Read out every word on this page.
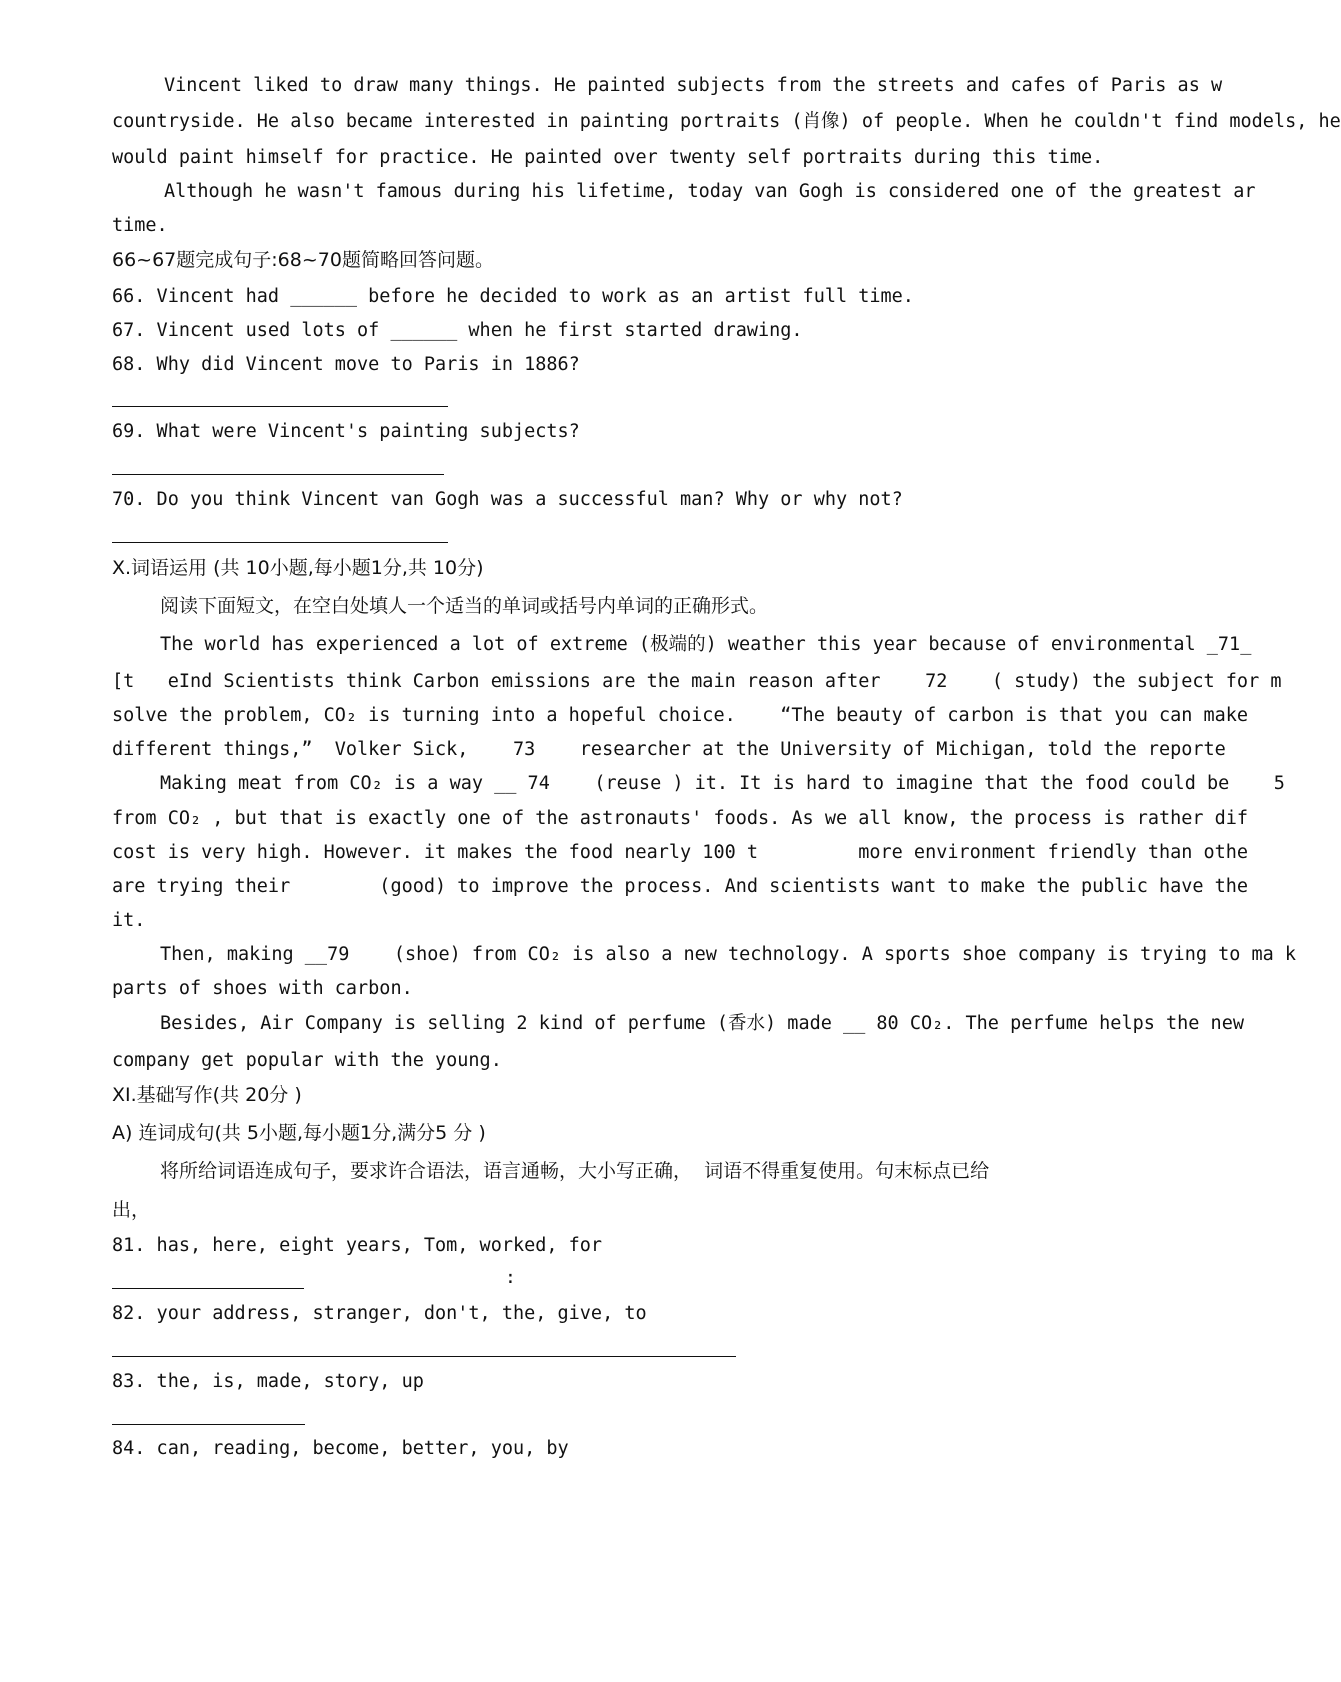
Vincent liked to draw many things. He painted subjects from the streets and cafes of Paris as w
countryside. He also became interested in painting portraits (肖像) of people. When he couldn't find models, he
would paint himself for practice. He painted over twenty self portraits during this time.
Although he wasn't famous during his lifetime, today van Gogh is considered one of the greatest ar
time.
66~67题完成句子:68~70题简略回答问题。
66. Vincent had ______ before he decided to work as an artist full time.
67. Vincent used lots of ______ when he first started drawing.
68. Why did Vincent move to Paris in 1886?
69. What were Vincent's painting subjects?
70. Do you think Vincent van Gogh was a successful man? Why or why not?
X.词语运用 (共 10小题,每小题1分,共 10分)
阅读下面短文，在空白处填人一个适当的单词或括号内单词的正确形式。
The world has experienced a lot of extreme (极端的) weather this year because of environmental _71_
[t   eInd Scientists think Carbon emissions are the main reason after    72    ( study) the subject for m
solve the problem, CO₂ is turning into a hopeful choice.    “The beauty of carbon is that you can make
different things,”  Volker Sick,    73    researcher at the University of Michigan, told the reporte
Making meat from CO₂ is a way __ 74    (reuse ) it. It is hard to imagine that the food could be    5
from CO₂ , but that is exactly one of the astronauts' foods. As we all know, the process is rather dif
cost is very high. However. it makes the food nearly 100 t         more environment friendly than othe
are trying their        (good) to improve the process. And scientists want to make the public have the
it.
Then, making __79    (shoe) from CO₂ is also a new technology. A sports shoe company is trying to ma k
parts of shoes with carbon.
Besides, Air Company is selling 2 kind of perfume (香水) made __ 80 CO₂. The perfume helps the new
company get popular with the young.
XI.基础写作(共 20分 )
A) 连词成句(共 5小题,每小题1分,满分5 分 )
将所给词语连成句子，要求许合语法，语言通畅，大小写正确，  词语不得重复使用。句末标点已给
出，
81. has, here, eight years, Tom, worked, for
:
82. your address, stranger, don't, the, give, to
83. the, is, made, story, up
84. can, reading, become, better, you, by
